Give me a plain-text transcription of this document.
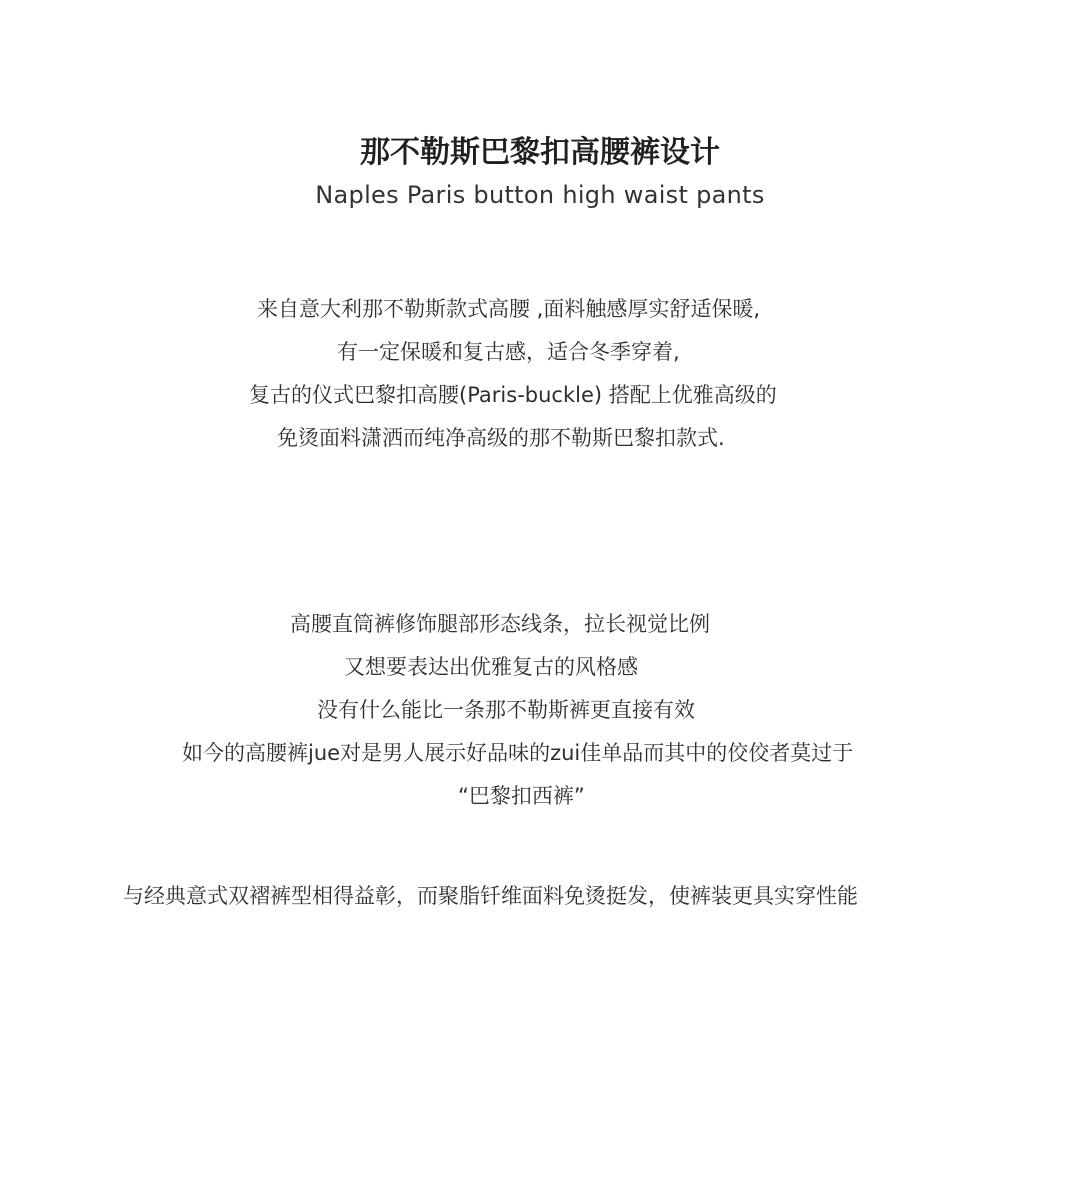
那不勒斯巴黎扣高腰裤设计
Naples Paris button high waist pants

来自意大利那不勒斯款式高腰 ,面料触感厚实舒适保暖,

有一定保暖和复古感，适合冬季穿着,

复古的仪式巴黎扣高腰(Paris-buckle) 搭配上优雅高级的

免烫面料潇洒而纯净高级的那不勒斯巴黎扣款式.

高腰直筒裤修饰腿部形态线条，拉长视觉比例

又想要表达出优雅复古的风格感

没有什么能比一条那不勒斯裤更直接有效

如今的高腰裤jue对是男人展示好品味的zui佳单品而其中的佼佼者莫过于

“巴黎扣西裤”

与经典意式双褶裤型相得益彰，而聚脂钎维面料免烫挺发，使裤装更具实穿性能
